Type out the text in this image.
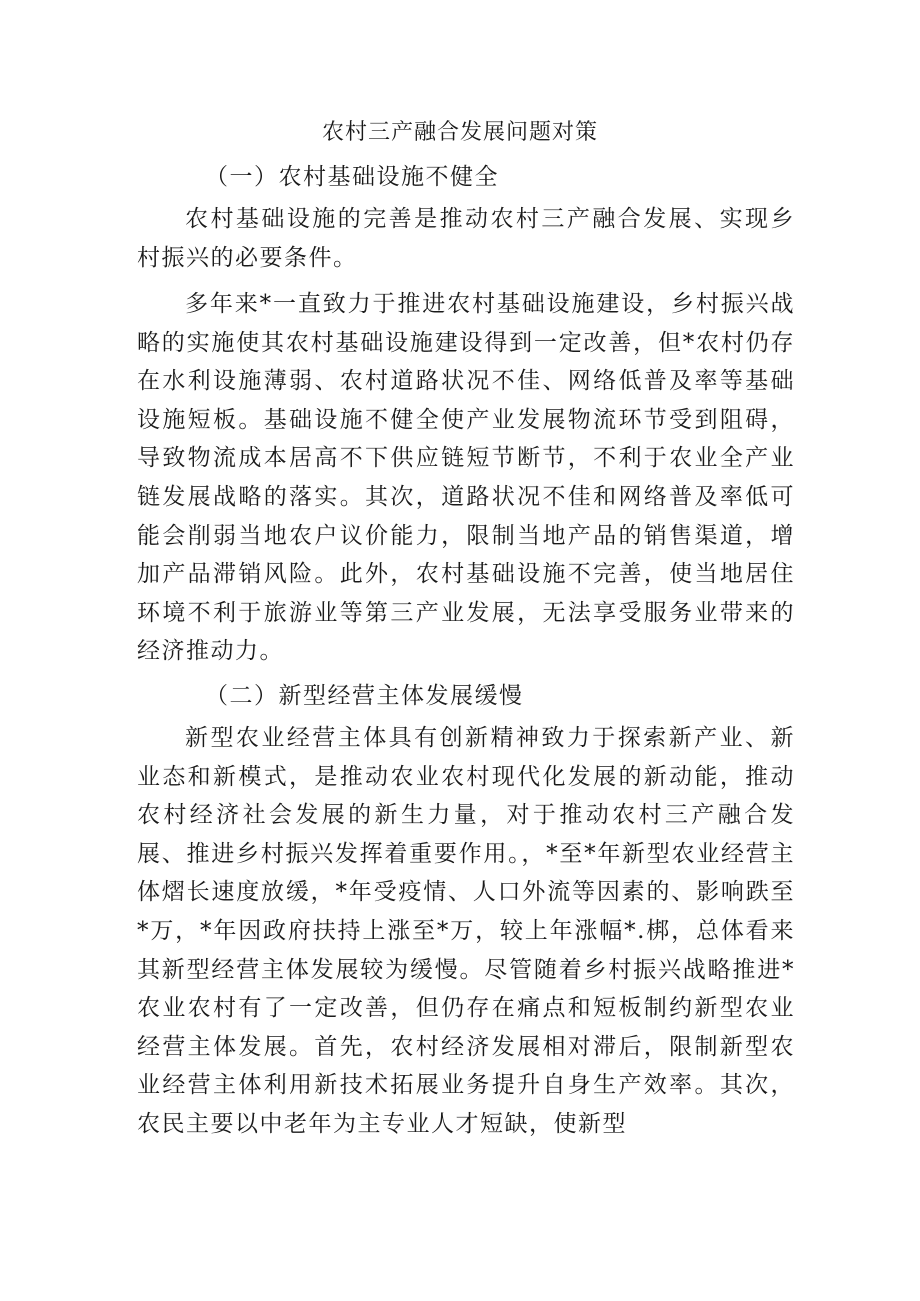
农村三产融合发展问题对策
（一）农村基础设施不健全

农村基础设施的完善是推动农村三产融合发展、实现乡村振兴的必要条件。

多年来*一直致力于推进农村基础设施建设，乡村振兴战略的实施使其农村基础设施建设得到一定改善，但*农村仍存在水利设施薄弱、农村道路状况不佳、网络低普及率等基础设施短板。基础设施不健全使产业发展物流环节受到阻碍，导致物流成本居高不下供应链短节断节，不利于农业全产业链发展战略的落实。其次，道路状况不佳和网络普及率低可能会削弱当地农户议价能力，限制当地产品的销售渠道，增加产品滞销风险。此外，农村基础设施不完善，使当地居住环境不利于旅游业等第三产业发展，无法享受服务业带来的经济推动力。

（二）新型经营主体发展缓慢

新型农业经营主体具有创新精神致力于探索新产业、新业态和新模式，是推动农业农村现代化发展的新动能，推动农村经济社会发展的新生力量，对于推动农村三产融合发展、推进乡村振兴发挥着重要作用。，*至*年新型农业经营主体熠长速度放缓，*年受疫情、人口外流等因素的、影响跌至*万，*年因政府扶持上涨至*万，较上年涨幅*.梆，总体看来其新型经营主体发展较为缓慢。尽管随着乡村振兴战略推进*农业农村有了一定改善，但仍存在痛点和短板制约新型农业经营主体发展。首先，农村经济发展相对滞后，限制新型农业经营主体利用新技术拓展业务提升自身生产效率。其次，农民主要以中老年为主专业人才短缺，使新型
